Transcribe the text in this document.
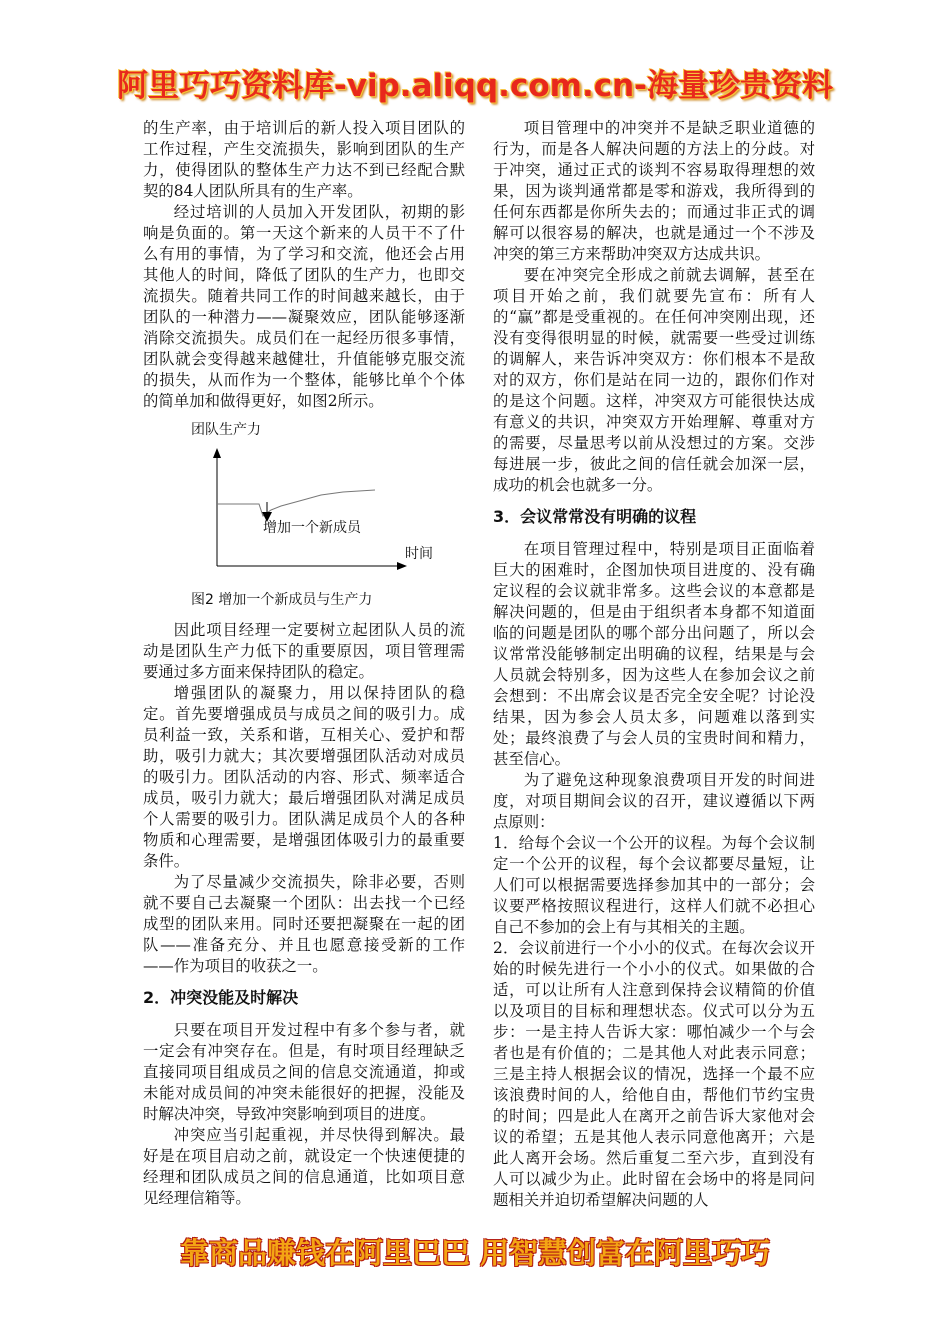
阿里巧巧资料库-vip.aliqq.com.cn-海量珍贵资料

的生产率，由于培训后的新人投入项目团队的工作过程，产生交流损失，影响到团队的生产力，使得团队的整体生产力达不到已经配合默契的84人团队所具有的生产率。

经过培训的人员加入开发团队，初期的影响是负面的。第一天这个新来的人员干不了什么有用的事情，为了学习和交流，他还会占用其他人的时间，降低了团队的生产力，也即交流损失。随着共同工作的时间越来越长，由于团队的一种潜力——凝聚效应，团队能够逐渐消除交流损失。成员们在一起经历很多事情，团队就会变得越来越健壮，升值能够克服交流的损失，从而作为一个整体，能够比单个个体的简单加和做得更好，如图2所示。

团队生产力
增加一个新成员
时间
图2 增加一个新成员与生产力

因此项目经理一定要树立起团队人员的流动是团队生产力低下的重要原因，项目管理需要通过多方面来保持团队的稳定。

增强团队的凝聚力，用以保持团队的稳定。首先要增强成员与成员之间的吸引力。成员利益一致，关系和谐，互相关心、爱护和帮助，吸引力就大；其次要增强团队活动对成员的吸引力。团队活动的内容、形式、频率适合成员，吸引力就大；最后增强团队对满足成员个人需要的吸引力。团队满足成员个人的各种物质和心理需要，是增强团体吸引力的最重要条件。

为了尽量减少交流损失，除非必要，否则就不要自己去凝聚一个团队：出去找一个已经成型的团队来用。同时还要把凝聚在一起的团队——准备充分、并且也愿意接受新的工作——作为项目的收获之一。

2．冲突没能及时解决

只要在项目开发过程中有多个参与者，就一定会有冲突存在。但是，有时项目经理缺乏直接同项目组成员之间的信息交流通道，抑或未能对成员间的冲突未能很好的把握，没能及时解决冲突，导致冲突影响到项目的进度。

冲突应当引起重视，并尽快得到解决。最好是在项目启动之前，就设定一个快速便捷的经理和团队成员之间的信息通道，比如项目意见经理信箱等。

项目管理中的冲突并不是缺乏职业道德的行为，而是各人解决问题的方法上的分歧。对于冲突，通过正式的谈判不容易取得理想的效果，因为谈判通常都是零和游戏，我所得到的任何东西都是你所失去的；而通过非正式的调解可以很容易的解决，也就是通过一个不涉及冲突的第三方来帮助冲突双方达成共识。

要在冲突完全形成之前就去调解，甚至在项目开始之前，我们就要先宣布：所有人的“赢”都是受重视的。在任何冲突刚出现，还没有变得很明显的时候，就需要一些受过训练的调解人，来告诉冲突双方：你们根本不是敌对的双方，你们是站在同一边的，跟你们作对的是这个问题。这样，冲突双方可能很快达成有意义的共识，冲突双方开始理解、尊重对方的需要，尽量思考以前从没想过的方案。交涉每进展一步，彼此之间的信任就会加深一层，成功的机会也就多一分。

3．会议常常没有明确的议程

在项目管理过程中，特别是项目正面临着巨大的困难时，企图加快项目进度的、没有确定议程的会议就非常多。这些会议的本意都是解决问题的，但是由于组织者本身都不知道面临的问题是团队的哪个部分出问题了，所以会议常常没能够制定出明确的议程，结果是与会人员就会特别多，因为这些人在参加会议之前会想到：不出席会议是否完全安全呢？讨论没结果，因为参会人员太多，问题难以落到实处；最终浪费了与会人员的宝贵时间和精力，甚至信心。

为了避免这种现象浪费项目开发的时间进度，对项目期间会议的召开，建议遵循以下两点原则：

1．给每个会议一个公开的议程。为每个会议制定一个公开的议程，每个会议都要尽量短，让人们可以根据需要选择参加其中的一部分；会议要严格按照议程进行，这样人们就不必担心自己不参加的会上有与其相关的主题。

2．会议前进行一个小小的仪式。在每次会议开始的时候先进行一个小小的仪式。如果做的合适，可以让所有人注意到保持会议精简的价值以及项目的目标和理想状态。仪式可以分为五步：一是主持人告诉大家：哪怕减少一个与会者也是有价值的；二是其他人对此表示同意；三是主持人根据会议的情况，选择一个最不应该浪费时间的人，给他自由，帮他们节约宝贵的时间；四是此人在离开之前告诉大家他对会议的希望；五是其他人表示同意他离开；六是此人离开会场。然后重复二至六步，直到没有人可以减少为止。此时留在会场中的将是同问题相关并迫切希望解决问题的人

靠商品赚钱在阿里巴巴 用智慧创富在阿里巧巧
